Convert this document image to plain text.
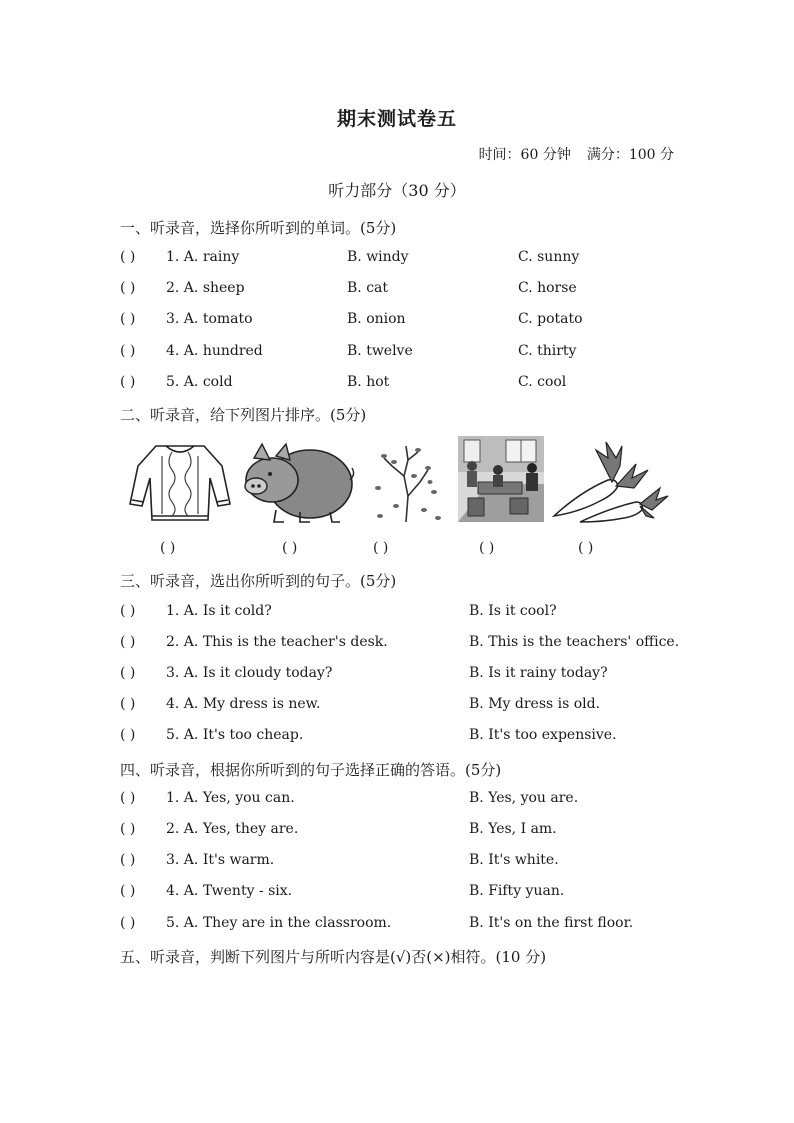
期末测试卷五
时间：60 分钟 满分：100 分
听力部分（30 分）
一、听录音，选择你所听到的单词。(5分)
( ) 1. A. rainy	B. windy	C. sunny
( ) 2. A. sheep	B. cat	C. horse
( ) 3. A. tomato	B. onion	C. potato
( ) 4. A. hundred	B. twelve	C. thirty
( ) 5. A. cold	B. hot	C. cool
二、听录音，给下列图片排序。(5分)
( )	( )	( )	( )	( )
三、听录音，选出你所听到的句子。(5分)
( ) 1. A. Is it cold?	B. Is it cool?
( ) 2. A. This is the teacher's desk.	B. This is the teachers' office.
( ) 3. A. Is it cloudy today?	B. Is it rainy today?
( ) 4. A. My dress is new.	B. My dress is old.
( ) 5. A. It's too cheap.	B. It's too expensive.
四、听录音，根据你所听到的句子选择正确的答语。(5分)
( ) 1. A. Yes, you can.	B. Yes, you are.
( ) 2. A. Yes, they are.	B. Yes, I am.
( ) 3. A. It's warm.	B. It's white.
( ) 4. A. Twenty - six.	B. Fifty yuan.
( ) 5. A. They are in the classroom.	B. It's on the first floor.
五、听录音，判断下列图片与所听内容是(√)否(×)相符。(10 分)
